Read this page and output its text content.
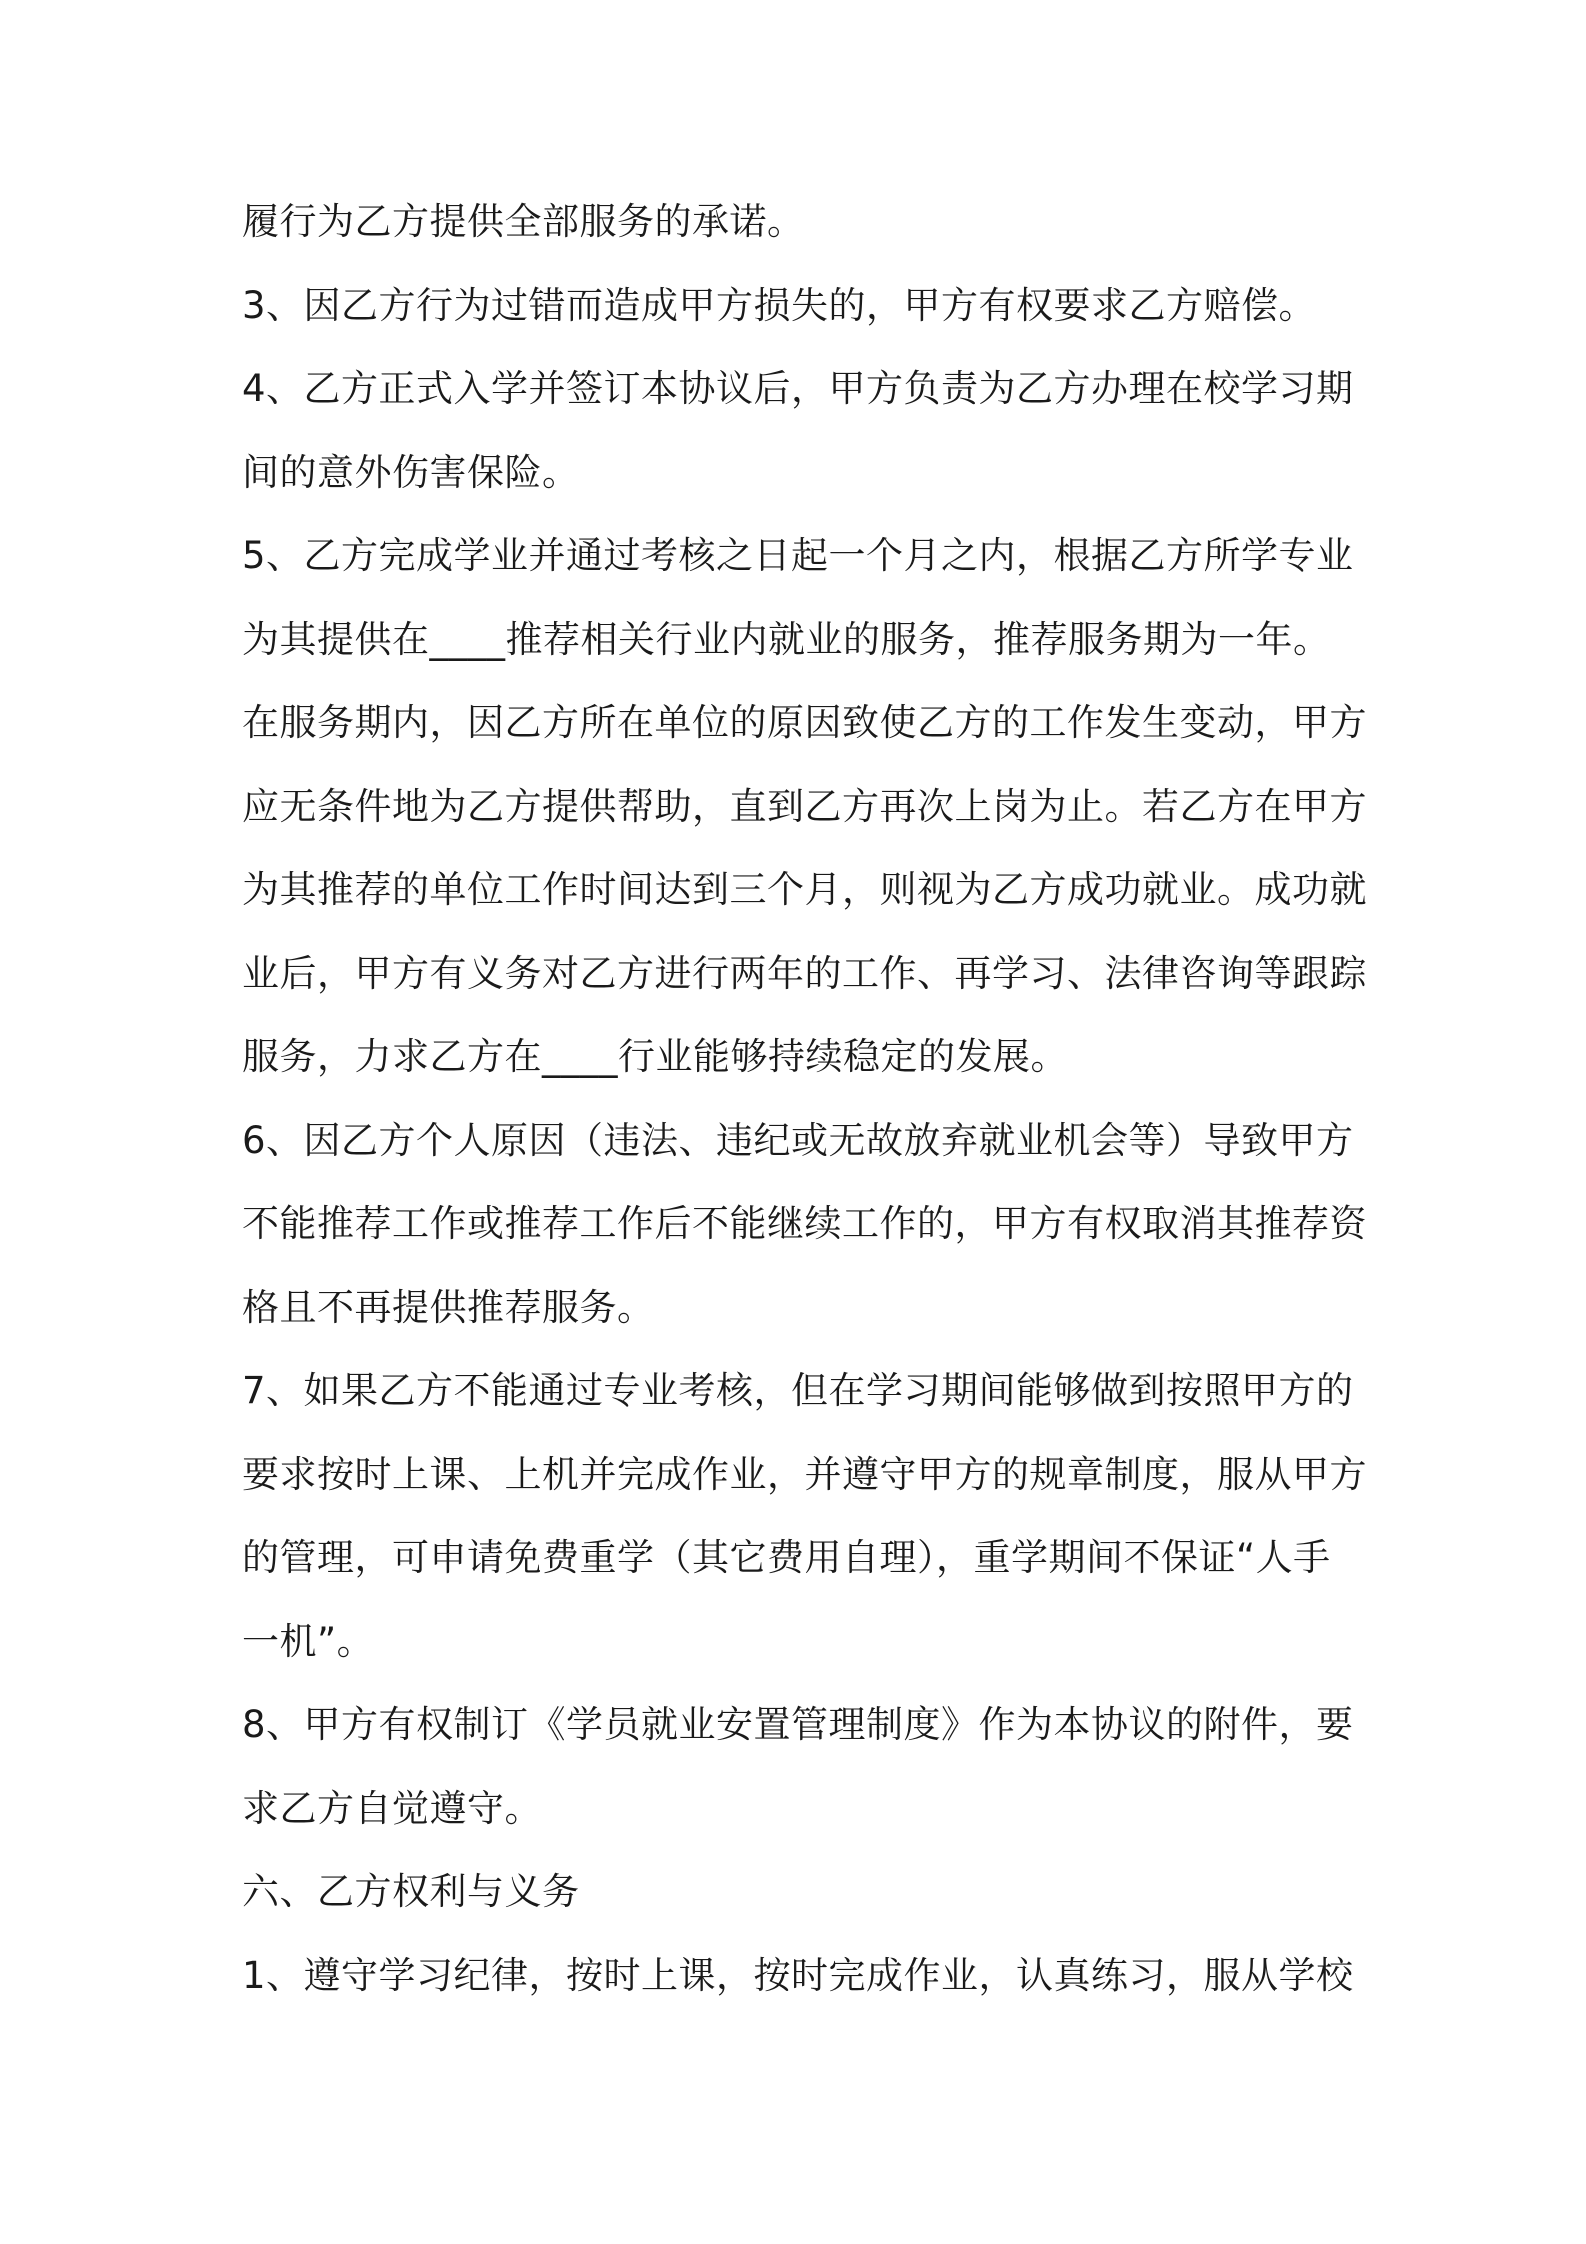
履行为乙方提供全部服务的承诺。
3、因乙方行为过错而造成甲方损失的，甲方有权要求乙方赔偿。
4、乙方正式入学并签订本协议后，甲方负责为乙方办理在校学习期
间的意外伤害保险。
5、乙方完成学业并通过考核之日起一个月之内，根据乙方所学专业
为其提供在____推荐相关行业内就业的服务，推荐服务期为一年。
在服务期内，因乙方所在单位的原因致使乙方的工作发生变动，甲方
应无条件地为乙方提供帮助，直到乙方再次上岗为止。若乙方在甲方
为其推荐的单位工作时间达到三个月，则视为乙方成功就业。成功就
业后，甲方有义务对乙方进行两年的工作、再学习、法律咨询等跟踪
服务，力求乙方在____行业能够持续稳定的发展。
6、因乙方个人原因（违法、违纪或无故放弃就业机会等）导致甲方
不能推荐工作或推荐工作后不能继续工作的，甲方有权取消其推荐资
格且不再提供推荐服务。
7、如果乙方不能通过专业考核，但在学习期间能够做到按照甲方的
要求按时上课、上机并完成作业，并遵守甲方的规章制度，服从甲方
的管理，可申请免费重学（其它费用自理），重学期间不保证“人手
一机”。
8、甲方有权制订《学员就业安置管理制度》作为本协议的附件，要
求乙方自觉遵守。
六、乙方权利与义务
1、遵守学习纪律，按时上课，按时完成作业，认真练习，服从学校
